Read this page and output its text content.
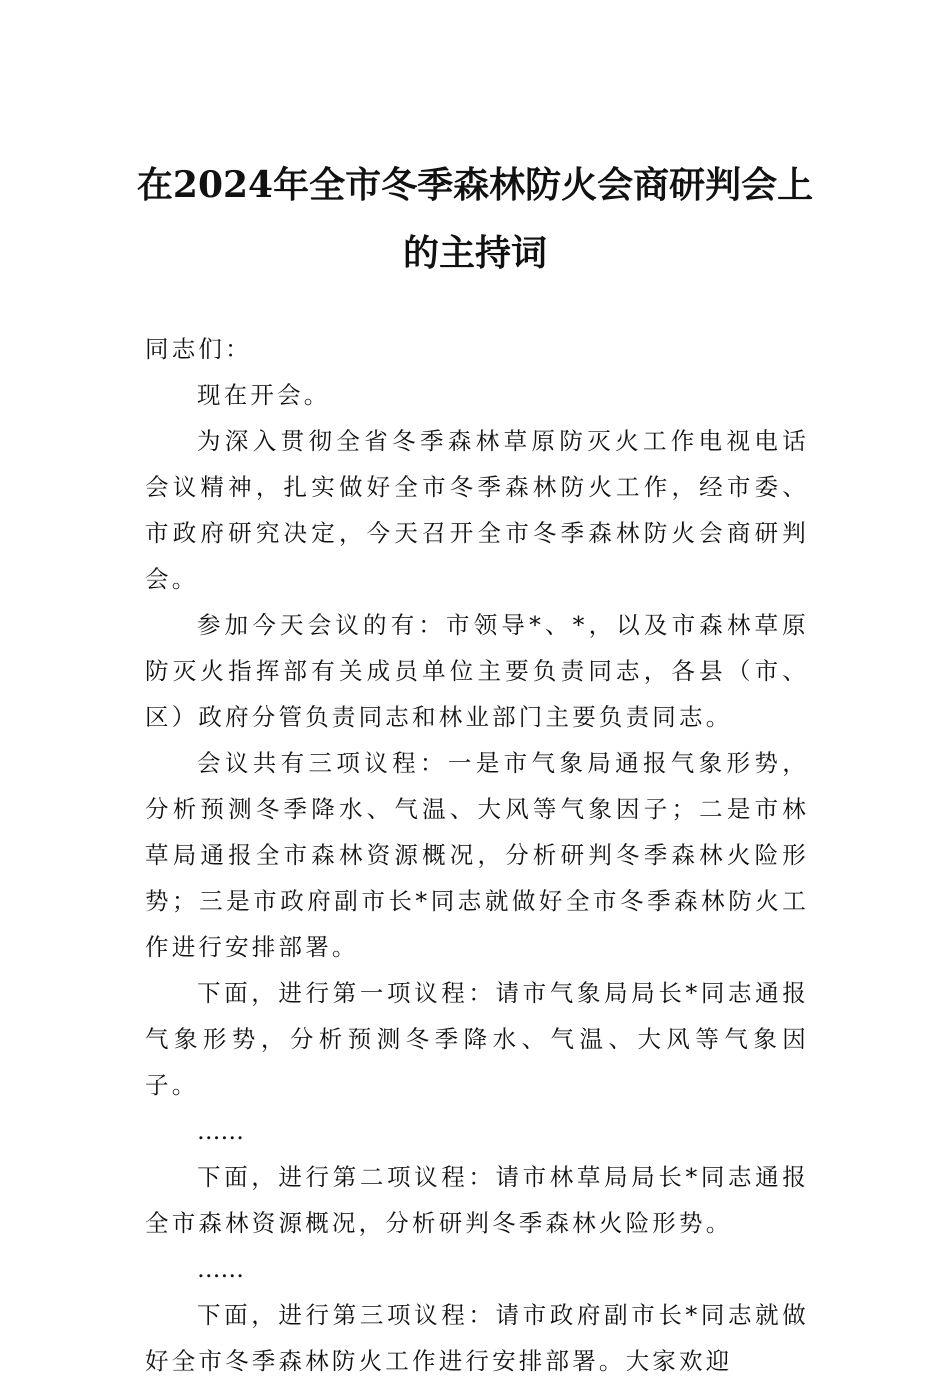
在2024年全市冬季森林防火会商研判会上
的主持词

同志们：

现在开会。

为深入贯彻全省冬季森林草原防灭火工作电视电话会议精神，扎实做好全市冬季森林防火工作，经市委、市政府研究决定，今天召开全市冬季森林防火会商研判会。

参加今天会议的有：市领导*、*，以及市森林草原防灭火指挥部有关成员单位主要负责同志，各县（市、区）政府分管负责同志和林业部门主要负责同志。

会议共有三项议程：一是市气象局通报气象形势，分析预测冬季降水、气温、大风等气象因子；二是市林草局通报全市森林资源概况，分析研判冬季森林火险形势；三是市政府副市长*同志就做好全市冬季森林防火工作进行安排部署。

下面，进行第一项议程：请市气象局局长*同志通报气象形势，分析预测冬季降水、气温、大风等气象因子。

……

下面，进行第二项议程：请市林草局局长*同志通报全市森林资源概况，分析研判冬季森林火险形势。

……

下面，进行第三项议程：请市政府副市长*同志就做好全市冬季森林防火工作进行安排部署。大家欢迎
